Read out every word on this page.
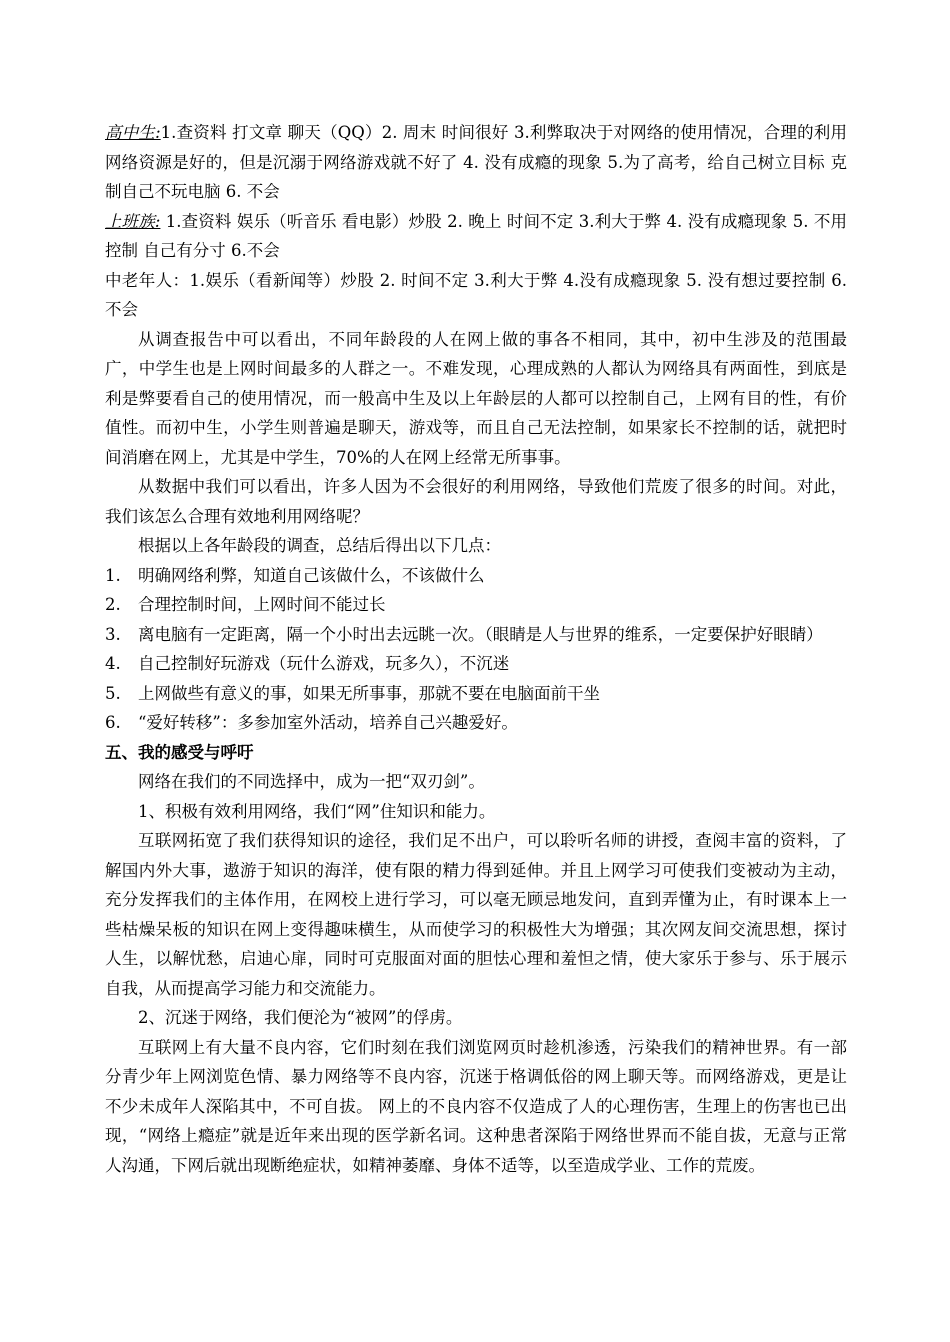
高中生:1.查资料 打文章 聊天（QQ）2. 周末 时间很好 3.利弊取决于对网络的使用情况，合理的利用网络资源是好的，但是沉溺于网络游戏就不好了 4. 没有成瘾的现象 5.为了高考，给自己树立目标 克制自己不玩电脑 6. 不会

上班族: 1.查资料 娱乐（听音乐 看电影）炒股 2. 晚上 时间不定 3.利大于弊 4. 没有成瘾现象 5. 不用控制 自己有分寸 6.不会

中老年人：1.娱乐（看新闻等）炒股 2. 时间不定 3.利大于弊 4.没有成瘾现象 5. 没有想过要控制 6. 不会

从调查报告中可以看出，不同年龄段的人在网上做的事各不相同，其中，初中生涉及的范围最广，中学生也是上网时间最多的人群之一。不难发现，心理成熟的人都认为网络具有两面性，到底是利是弊要看自己的使用情况，而一般高中生及以上年龄层的人都可以控制自己，上网有目的性，有价值性。而初中生，小学生则普遍是聊天，游戏等，而且自己无法控制，如果家长不控制的话，就把时间消磨在网上，尤其是中学生，70%的人在网上经常无所事事。

从数据中我们可以看出，许多人因为不会很好的利用网络，导致他们荒废了很多的时间。对此，我们该怎么合理有效地利用网络呢？

根据以上各年龄段的调查，总结后得出以下几点：

1. 明确网络利弊，知道自己该做什么，不该做什么
2. 合理控制时间，上网时间不能过长
3. 离电脑有一定距离，隔一个小时出去远眺一次。（眼睛是人与世界的维系，一定要保护好眼睛）
4. 自己控制好玩游戏（玩什么游戏，玩多久），不沉迷
5. 上网做些有意义的事，如果无所事事，那就不要在电脑面前干坐
6. “爱好转移”：多参加室外活动，培养自己兴趣爱好。

五、我的感受与呼吁

网络在我们的不同选择中，成为一把“双刃剑”。

1、积极有效利用网络，我们“网”住知识和能力。

互联网拓宽了我们获得知识的途径，我们足不出户，可以聆听名师的讲授，查阅丰富的资料，了解国内外大事，遨游于知识的海洋，使有限的精力得到延伸。并且上网学习可使我们变被动为主动，充分发挥我们的主体作用，在网校上进行学习，可以毫无顾忌地发问，直到弄懂为止，有时课本上一些枯燥呆板的知识在网上变得趣味横生，从而使学习的积极性大为增强；其次网友间交流思想，探讨人生，以解忧愁，启迪心扉，同时可克服面对面的胆怯心理和羞怛之情，使大家乐于参与、乐于展示自我，从而提高学习能力和交流能力。

2、沉迷于网络，我们便沦为“被网”的俘虏。

互联网上有大量不良内容，它们时刻在我们浏览网页时趁机渗透，污染我们的精神世界。有一部分青少年上网浏览色情、暴力网络等不良内容，沉迷于格调低俗的网上聊天等。而网络游戏，更是让不少未成年人深陷其中，不可自拔。 网上的不良内容不仅造成了人的心理伤害，生理上的伤害也已出现，“网络上瘾症”就是近年来出现的医学新名词。这种患者深陷于网络世界而不能自拔，无意与正常人沟通，下网后就出现断绝症状，如精神萎靡、身体不适等，以至造成学业、工作的荒废。
